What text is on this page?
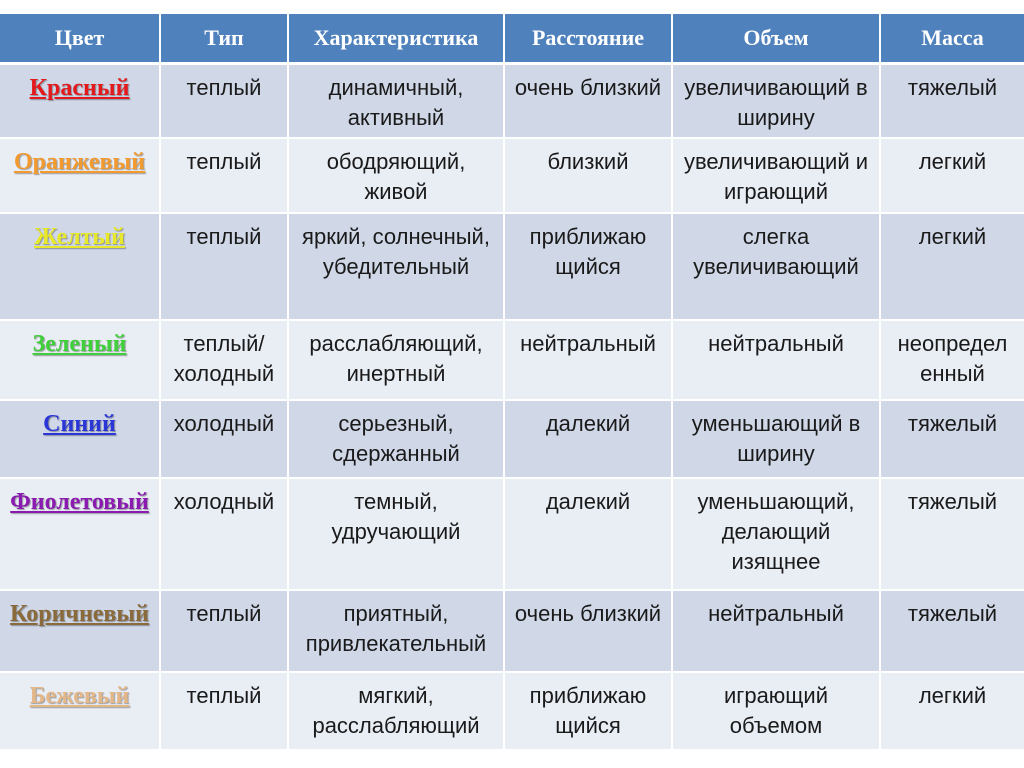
Цвет	Тип	Характеристика	Расстояние	Объем	Масса
Красный	теплый	динамичный, активный	очень близкий	увеличивающий в ширину	тяжелый
Оранжевый	теплый	ободряющий, живой	близкий	увеличивающий и играющий	легкий
Желтый	теплый	яркий, солнечный, убедительный	приближаю щийся	слегка увеличивающий	легкий
Зеленый	теплый/ холодный	расслабляющий, инертный	нейтральный	нейтральный	неопредел енный
Синий	холодный	серьезный, сдержанный	далекий	уменьшающий в ширину	тяжелый
Фиолетовый	холодный	темный, удручающий	далекий	уменьшающий, делающий изящнее	тяжелый
Коричневый	теплый	приятный, привлекательный	очень близкий	нейтральный	тяжелый
Бежевый	теплый	мягкий, расслабляющий	приближаю щийся	играющий объемом	легкий
